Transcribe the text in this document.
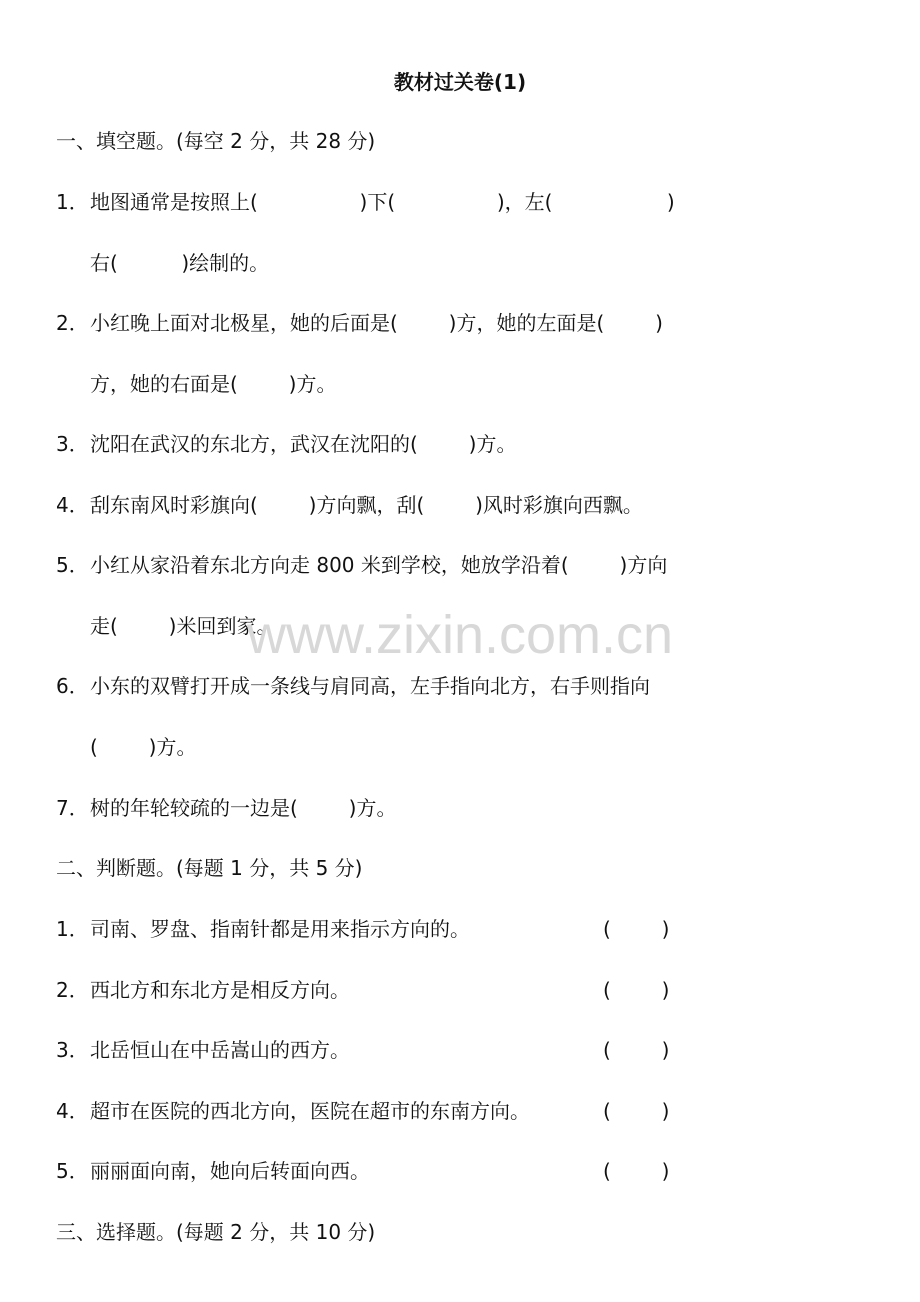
教材过关卷(1)
一、填空题。(每空 2 分，共 28 分)
1．地图通常是按照上(                )下(                )，左(                  )
右(          )绘制的。
2．小红晚上面对北极星，她的后面是(        )方，她的左面是(        )
方，她的右面是(        )方。
3．沈阳在武汉的东北方，武汉在沈阳的(        )方。
4．刮东南风时彩旗向(        )方向飘，刮(        )风时彩旗向西飘。
5．小红从家沿着东北方向走 800 米到学校，她放学沿着(        )方向
走(        )米回到家。
6．小东的双臂打开成一条线与肩同高，左手指向北方，右手则指向
(        )方。
7．树的年轮较疏的一边是(        )方。
二、判断题。(每题 1 分，共 5 分)
1．司南、罗盘、指南针都是用来指示方向的。	(        )
2．西北方和东北方是相反方向。	(        )
3．北岳恒山在中岳嵩山的西方。	(        )
4．超市在医院的西北方向，医院在超市的东南方向。	(        )
5．丽丽面向南，她向后转面向西。	(        )
三、选择题。(每题 2 分，共 10 分)
www.zixin.com.cn
